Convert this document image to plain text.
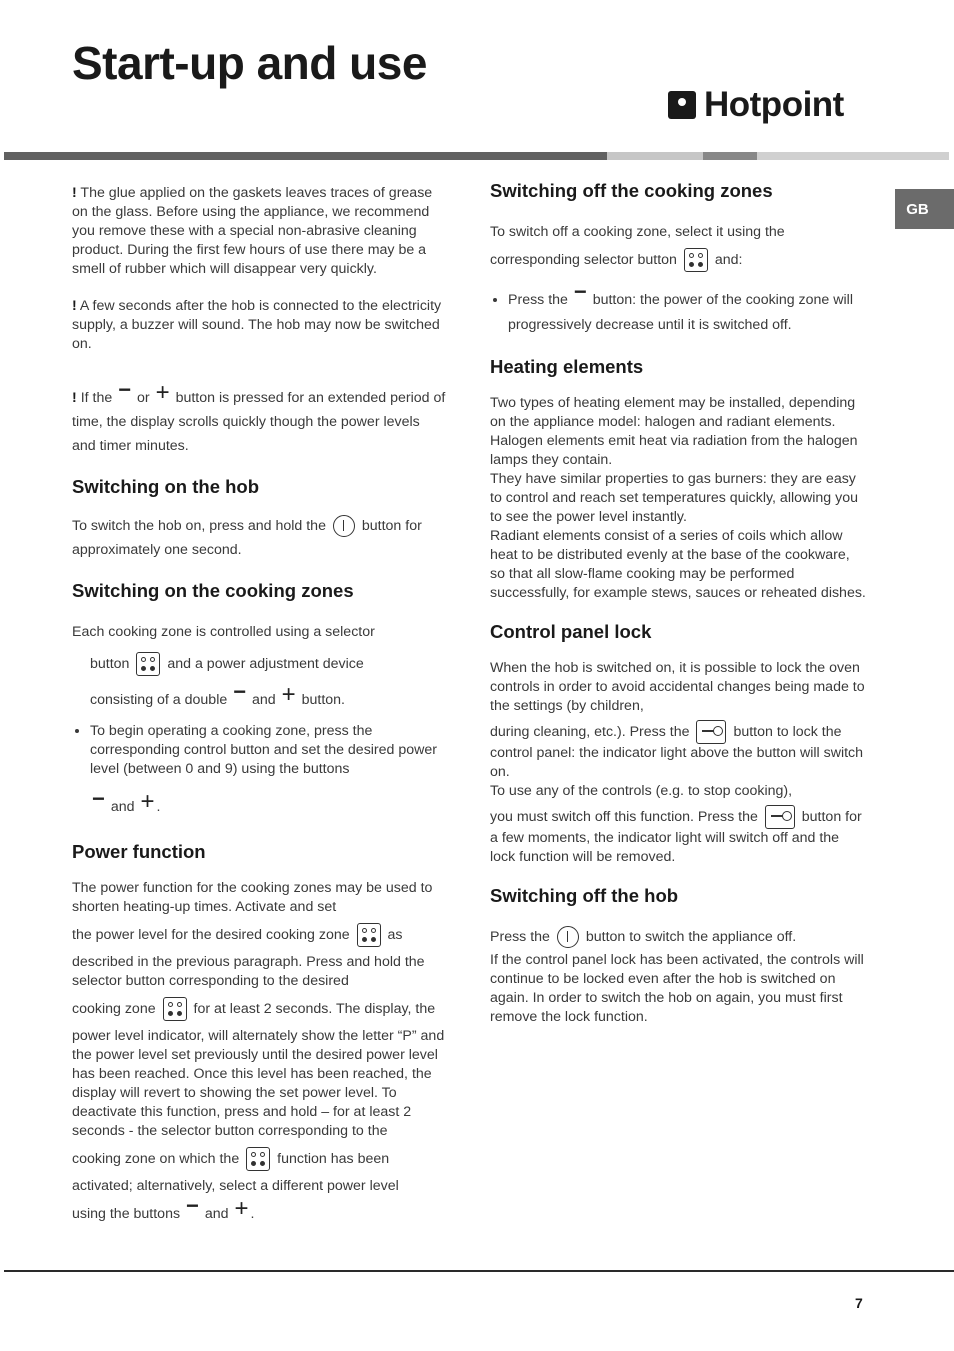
Start-up and use
Hotpoint
GB

! The glue applied on the gaskets leaves traces of grease on the glass. Before using the appliance, we recommend you remove these with a special non-abrasive cleaning product. During the first few hours of use there may be a smell of rubber which will disappear very quickly.

! A few seconds after the hob is connected to the electricity supply, a buzzer will sound. The hob may now be switched on.

! If the − or + button is pressed for an extended period of time, the display scrolls quickly though the power levels and timer minutes.

Switching on the hob

To switch the hob on, press and hold the	button for approximately one second.

Switching on the cooking zones
Each cooking zone is controlled using a selector
button	and a power adjustment device
consisting of a double − and + button.
• To begin operating a cooking zone, press the corresponding control button and set the desired power level (between 0 and 9) using the buttons
− and + .
Power function

The power function for the cooking zones may be used to shorten heating-up times. Activate and set
the power level for the desired cooking zone	as
described in the previous paragraph. Press and hold the selector button corresponding to the desired
cooking zone	for at least 2 seconds. The display, the power level indicator, will alternately show the letter “P” and the power level set previously until the desired power level has been reached. Once this level has been reached, the display will revert to showing the set power level. To deactivate this function, press and hold – for at least 2 seconds - the selector button corresponding to the
cooking zone on which the	function has been activated; alternatively, select a different power level
using the buttons − and + .

Switching off the cooking zones

To switch off a cooking zone, select it using the
corresponding selector button	and:

• Press the − button: the power of the cooking zone will progressively decrease until it is switched off.
Heating elements
Two types of heating element may be installed, depending on the appliance model: halogen and radiant elements.
Halogen elements emit heat via radiation from the halogen lamps they contain.
They have similar properties to gas burners: they are easy to control and reach set temperatures quickly, allowing you to see the power level instantly.
Radiant elements consist of a series of coils which allow heat to be distributed evenly at the base of the cookware, so that all slow-flame cooking may be performed successfully, for example stews, sauces or reheated dishes.
Control panel lock
When the hob is switched on, it is possible to lock the oven controls in order to avoid accidental changes being made to the settings (by children,
during cleaning, etc.). Press the	button to lock the control panel: the indicator light above the button will switch on.
To use any of the controls (e.g. to stop cooking),
you must switch off this function. Press the	button for a few moments, the indicator light will switch off and the lock function will be removed.
Switching off the hob
Press the	button to switch the appliance off.
If the control panel lock has been activated, the controls will continue to be locked even after the hob is switched on again. In order to switch the hob on again, you must first remove the lock function.
7
